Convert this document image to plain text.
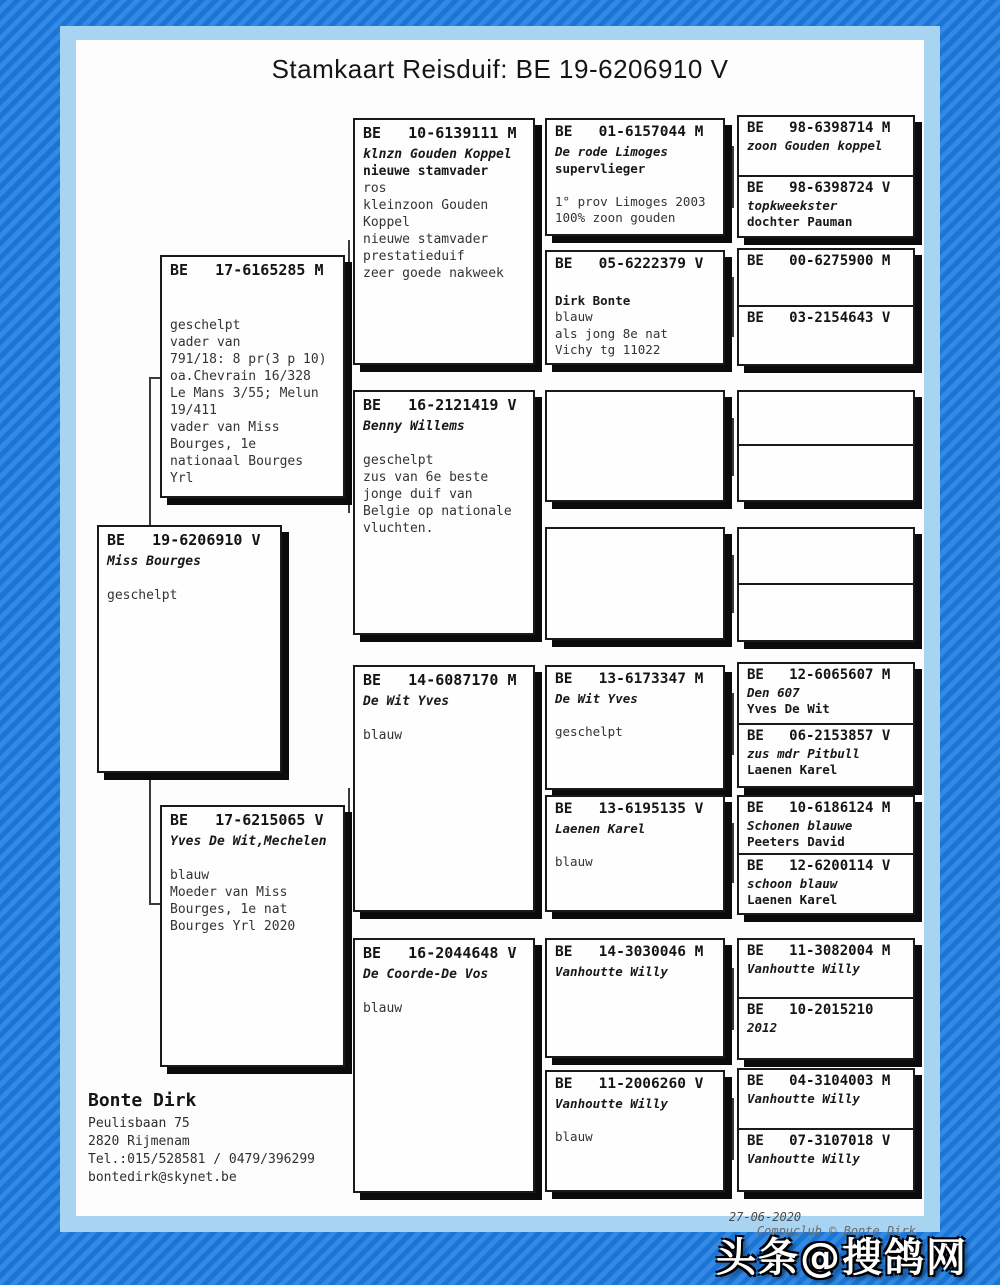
Stamkaart Reisduif: BE 19-6206910 V
BE   17-6165285 M

geschelpt
vader van
791/18: 8 pr(3 p 10)
oa.Chevrain 16/328
Le Mans 3/55; Melun
19/411
vader van Miss
Bourges, 1e
nationaal Bourges
Yrl
BE   19-6206910 V
Miss Bourges

geschelpt
BE   17-6215065 V
Yves De Wit,Mechelen

blauw
Moeder van Miss
Bourges, 1e nat
Bourges Yrl 2020
BE   10-6139111 M
klnzn Gouden Koppel
nieuwe stamvader
ros
kleinzoon Gouden
Koppel
nieuwe stamvader
prestatieduif
zeer goede nakweek
BE   16-2121419 V
Benny Willems

geschelpt
zus van 6e beste
jonge duif van
Belgie op nationale
vluchten.
BE   14-6087170 M
De Wit Yves

blauw
BE   16-2044648 V
De Coorde-De Vos

blauw
BE   01-6157044 M
De rode Limoges
supervlieger

1° prov Limoges 2003
100% zoon gouden
BE   05-6222379 V

Dirk Bonte
blauw
als jong 8e nat
Vichy tg 11022
BE   13-6173347 M
De Wit Yves

geschelpt
BE   13-6195135 V
Laenen Karel

blauw
BE   14-3030046 M
Vanhoutte Willy
BE   11-2006260 V
Vanhoutte Willy

blauw
BE   98-6398714 M
zoon Gouden koppel
BE   98-6398724 V
topkweekster
dochter Pauman
BE   00-6275900 M
BE   03-2154643 V
BE   12-6065607 M
Den 607
Yves De Wit
BE   06-2153857 V
zus mdr Pitbull
Laenen Karel
BE   10-6186124 M
Schonen blauwe
Peeters David
BE   12-6200114 V
schoon blauw
Laenen Karel
BE   11-3082004 M
Vanhoutte Willy
BE   10-2015210
2012
BE   04-3104003 M
Vanhoutte Willy
BE   07-3107018 V
Vanhoutte Willy
Bonte Dirk
Peulisbaan 75
2820 Rijmenam
Tel.:015/528581 / 0479/396299
bontedirk@skynet.be

27-06-2020
Compuclub © Bonte Dirk

头条@搜鸽网
